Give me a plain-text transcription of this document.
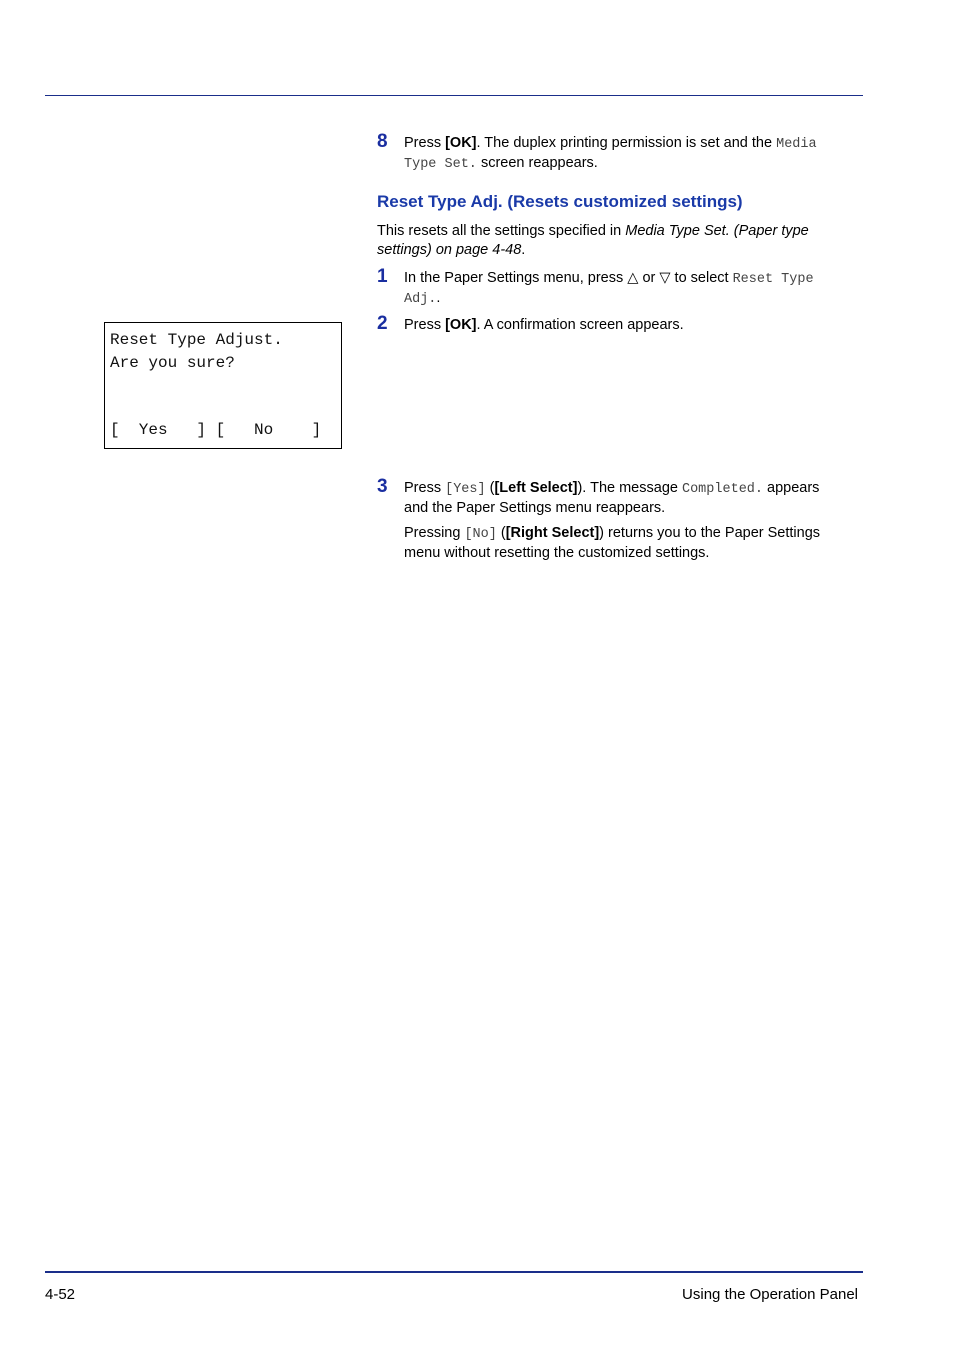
8 Press [OK]. The duplex printing permission is set and the Media
Type Set. screen reappears.
Reset Type Adj. (Resets customized settings)
This resets all the settings specified in Media Type Set. (Paper type
settings) on page 4-48.
1 In the Paper Settings menu, press △ or ▽ to select Reset Type
Adj..
2 Press [OK]. A confirmation screen appears.
Reset Type Adjust.
Are you sure?
[  Yes   ] [   No    ]
3 Press [Yes] ([Left Select]). The message Completed. appears
and the Paper Settings menu reappears.
Pressing [No] ([Right Select]) returns you to the Paper Settings
menu without resetting the customized settings.
4-52	Using the Operation Panel
